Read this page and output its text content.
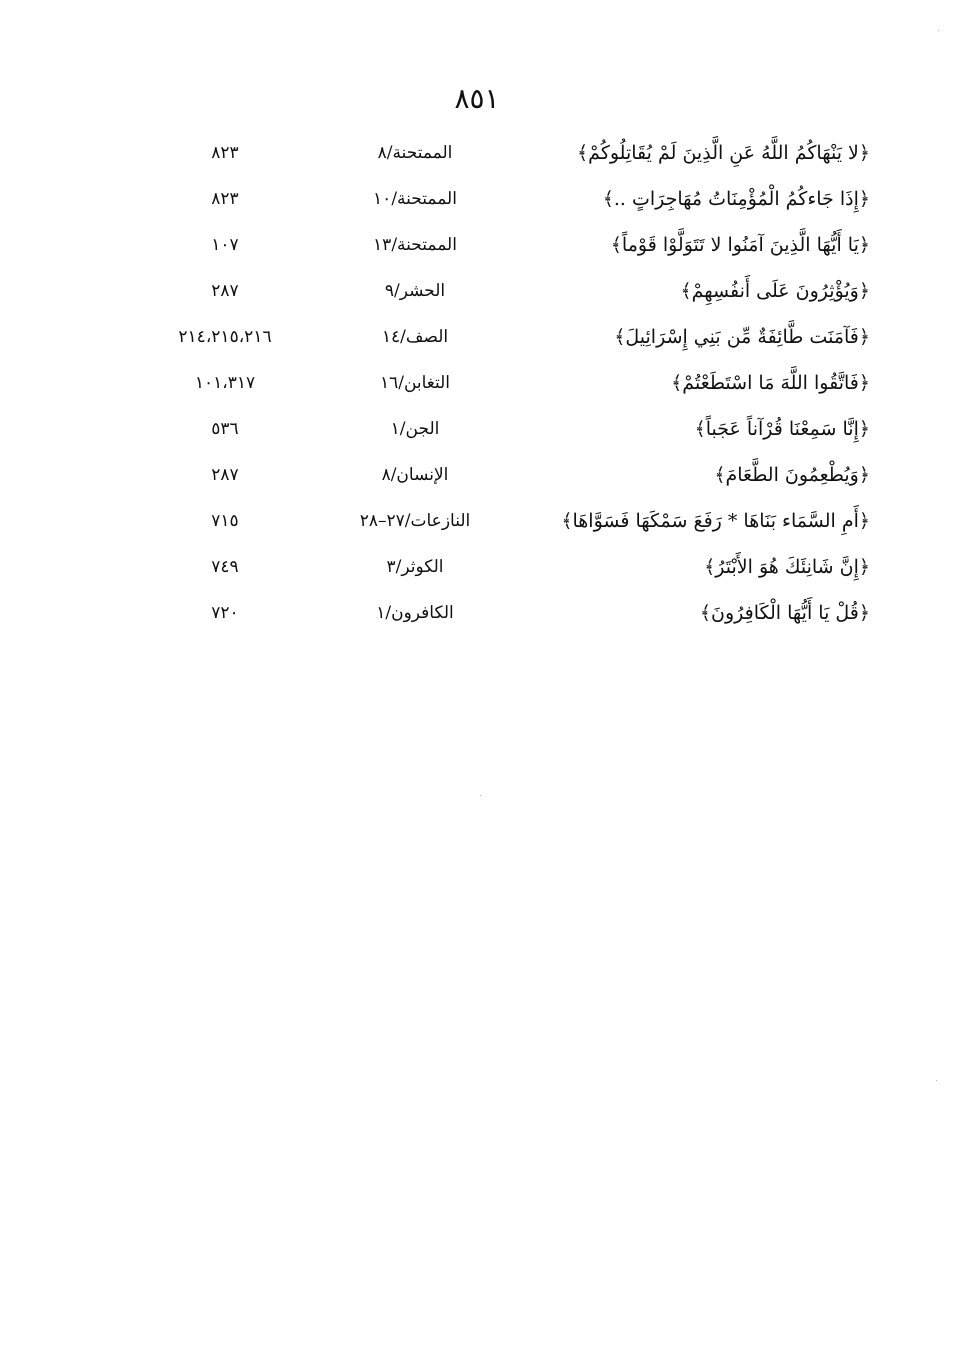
٨٥١
﴿لا يَنْهَاكُمُ اللَّهُ عَنِ الَّذِينَ لَمْ يُقَاتِلُوكُمْ﴾
الممتحنة/٨
٨٢٣
﴿إِذَا جَاءكُمُ الْمُؤْمِنَاتُ مُهَاجِرَاتٍ ..﴾
الممتحنة/١٠
٨٢٣
﴿يَا أَيُّهَا الَّذِينَ آمَنُوا لا تَتَوَلَّوْا قَوْماً﴾
الممتحنة/١٣
١٠٧
﴿وَيُؤْثِرُونَ عَلَى أَنفُسِهِمْ﴾
الحشر/٩
٢٨٧
﴿فَآمَنَت طَّائِفَةٌ مِّن بَنِي إِسْرَائِيلَ﴾
الصف/١٤
٢١٤،٢١٥،٢١٦
﴿فَاتَّقُوا اللَّهَ مَا اسْتَطَعْتُمْ﴾
التغابن/١٦
١٠١،٣١٧
﴿إِنَّا سَمِعْنَا قُرْآناً عَجَباً﴾
الجن/١
٥٣٦
﴿وَيُطْعِمُونَ الطَّعَامَ﴾
الإنسان/٨
٢٨٧
﴿أَمِ السَّمَاء بَنَاهَا * رَفَعَ سَمْكَهَا فَسَوَّاهَا﴾
النازعات/٢٧–٢٨
٧١٥
﴿إِنَّ شَانِئَكَ هُوَ الأَبْتَرُ﴾
الكوثر/٣
٧٤٩
﴿قُلْ يَا أَيُّهَا الْكَافِرُونَ﴾
الكافرون/١
٧٢٠
